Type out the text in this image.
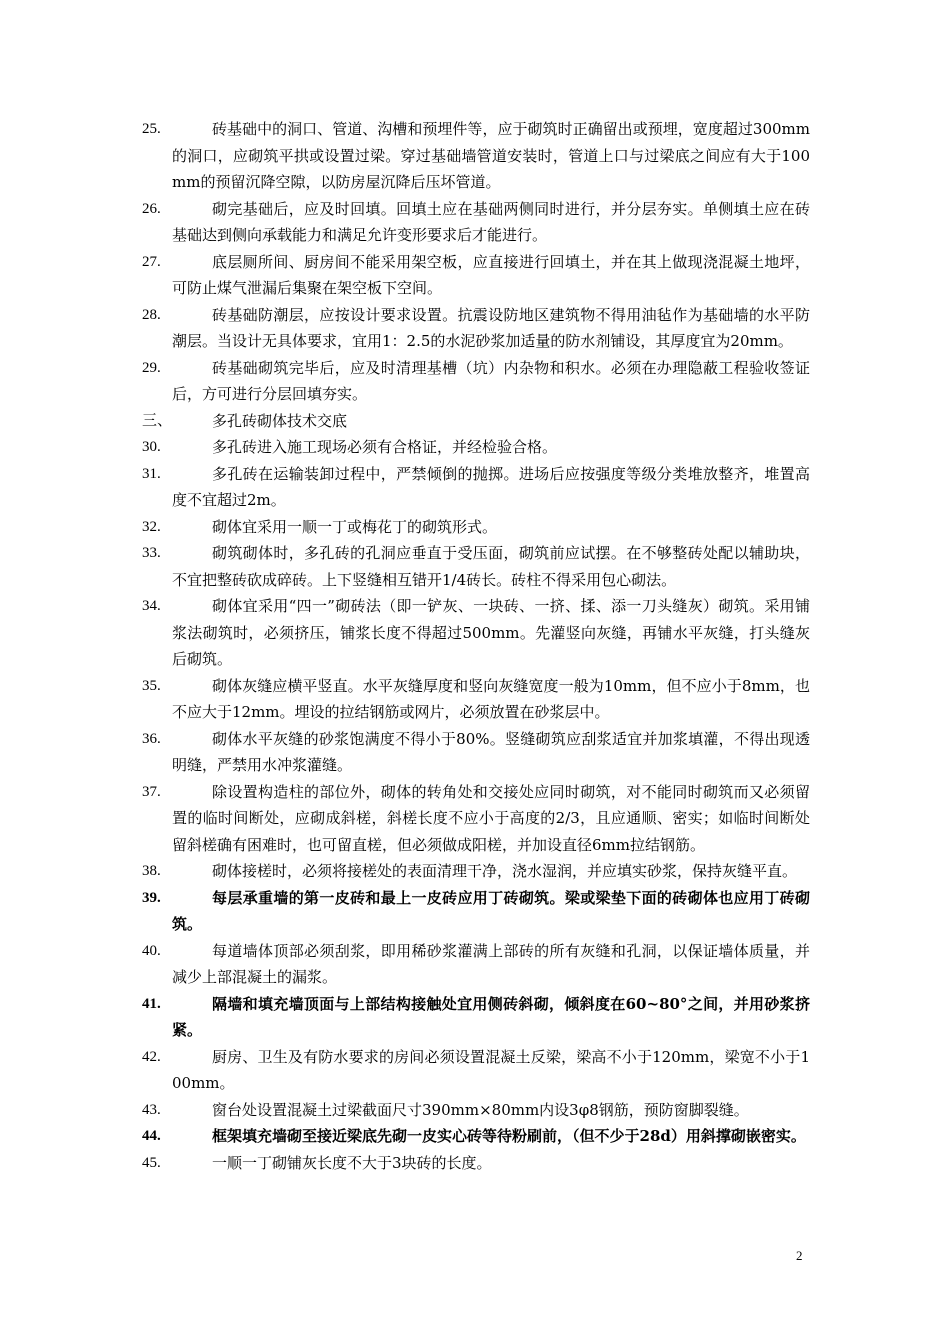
25.	砖基础中的洞口、管道、沟槽和预埋件等，应于砌筑时正确留出或预埋，宽度超过300mm的洞口，应砌筑平拱或设置过梁。穿过基础墙管道安装时，管道上口与过梁底之间应有大于100mm的预留沉降空隙，以防房屋沉降后压坏管道。
26.	砌完基础后，应及时回填。回填土应在基础两侧同时进行，并分层夯实。单侧填土应在砖基础达到侧向承载能力和满足允许变形要求后才能进行。
27.	底层厕所间、厨房间不能采用架空板，应直接进行回填土，并在其上做现浇混凝土地坪，可防止煤气泄漏后集聚在架空板下空间。
28.	砖基础防潮层，应按设计要求设置。抗震设防地区建筑物不得用油毡作为基础墙的水平防潮层。当设计无具体要求，宜用1：2.5的水泥砂浆加适量的防水剂铺设，其厚度宜为20mm。
29.	砖基础砌筑完毕后，应及时清理基槽（坑）内杂物和积水。必须在办理隐蔽工程验收签证后，方可进行分层回填夯实。
三、	多孔砖砌体技术交底
30.	多孔砖进入施工现场必须有合格证，并经检验合格。
31.	多孔砖在运输装卸过程中，严禁倾倒的抛掷。进场后应按强度等级分类堆放整齐，堆置高度不宜超过2m。
32.	砌体宜采用一顺一丁或梅花丁的砌筑形式。
33.	砌筑砌体时，多孔砖的孔洞应垂直于受压面，砌筑前应试摆。在不够整砖处配以辅助块，不宜把整砖砍成碎砖。上下竖缝相互错开1/4砖长。砖柱不得采用包心砌法。
34.	砌体宜采用“四一”砌砖法（即一铲灰、一块砖、一挤、揉、添一刀头缝灰）砌筑。采用铺浆法砌筑时，必须挤压，铺浆长度不得超过500mm。先灌竖向灰缝，再铺水平灰缝，打头缝灰后砌筑。
35.	砌体灰缝应横平竖直。水平灰缝厚度和竖向灰缝宽度一般为10mm，但不应小于8mm，也不应大于12mm。埋设的拉结钢筋或网片，必须放置在砂浆层中。
36.	砌体水平灰缝的砂浆饱满度不得小于80%。竖缝砌筑应刮浆适宜并加浆填灌，不得出现透明缝，严禁用水冲浆灌缝。
37.	除设置构造柱的部位外，砌体的转角处和交接处应同时砌筑，对不能同时砌筑而又必须留置的临时间断处，应砌成斜槎，斜槎长度不应小于高度的2/3，且应通顺、密实；如临时间断处留斜槎确有困难时，也可留直槎，但必须做成阳槎，并加设直径6mm拉结钢筋。
38.	砌体接槎时，必须将接槎处的表面清理干净，浇水湿润，并应填实砂浆，保持灰缝平直。
39.	每层承重墙的第一皮砖和最上一皮砖应用丁砖砌筑。梁或梁垫下面的砖砌体也应用丁砖砌筑。
40.	每道墙体顶部必须刮浆，即用稀砂浆灌满上部砖的所有灰缝和孔洞，以保证墙体质量，并减少上部混凝土的漏浆。
41.	隔墙和填充墙顶面与上部结构接触处宜用侧砖斜砌，倾斜度在60~80°之间，并用砂浆挤紧。
42.	厨房、卫生及有防水要求的房间必须设置混凝土反梁，梁高不小于120mm，梁宽不小于100mm。
43.	窗台处设置混凝土过梁截面尺寸390mm×80mm内设3φ8钢筋，预防窗脚裂缝。
44.	框架填充墙砌至接近梁底先砌一皮实心砖等待粉刷前，（但不少于28d）用斜撑砌嵌密实。
45.	一顺一丁砌铺灰长度不大于3块砖的长度。
2
